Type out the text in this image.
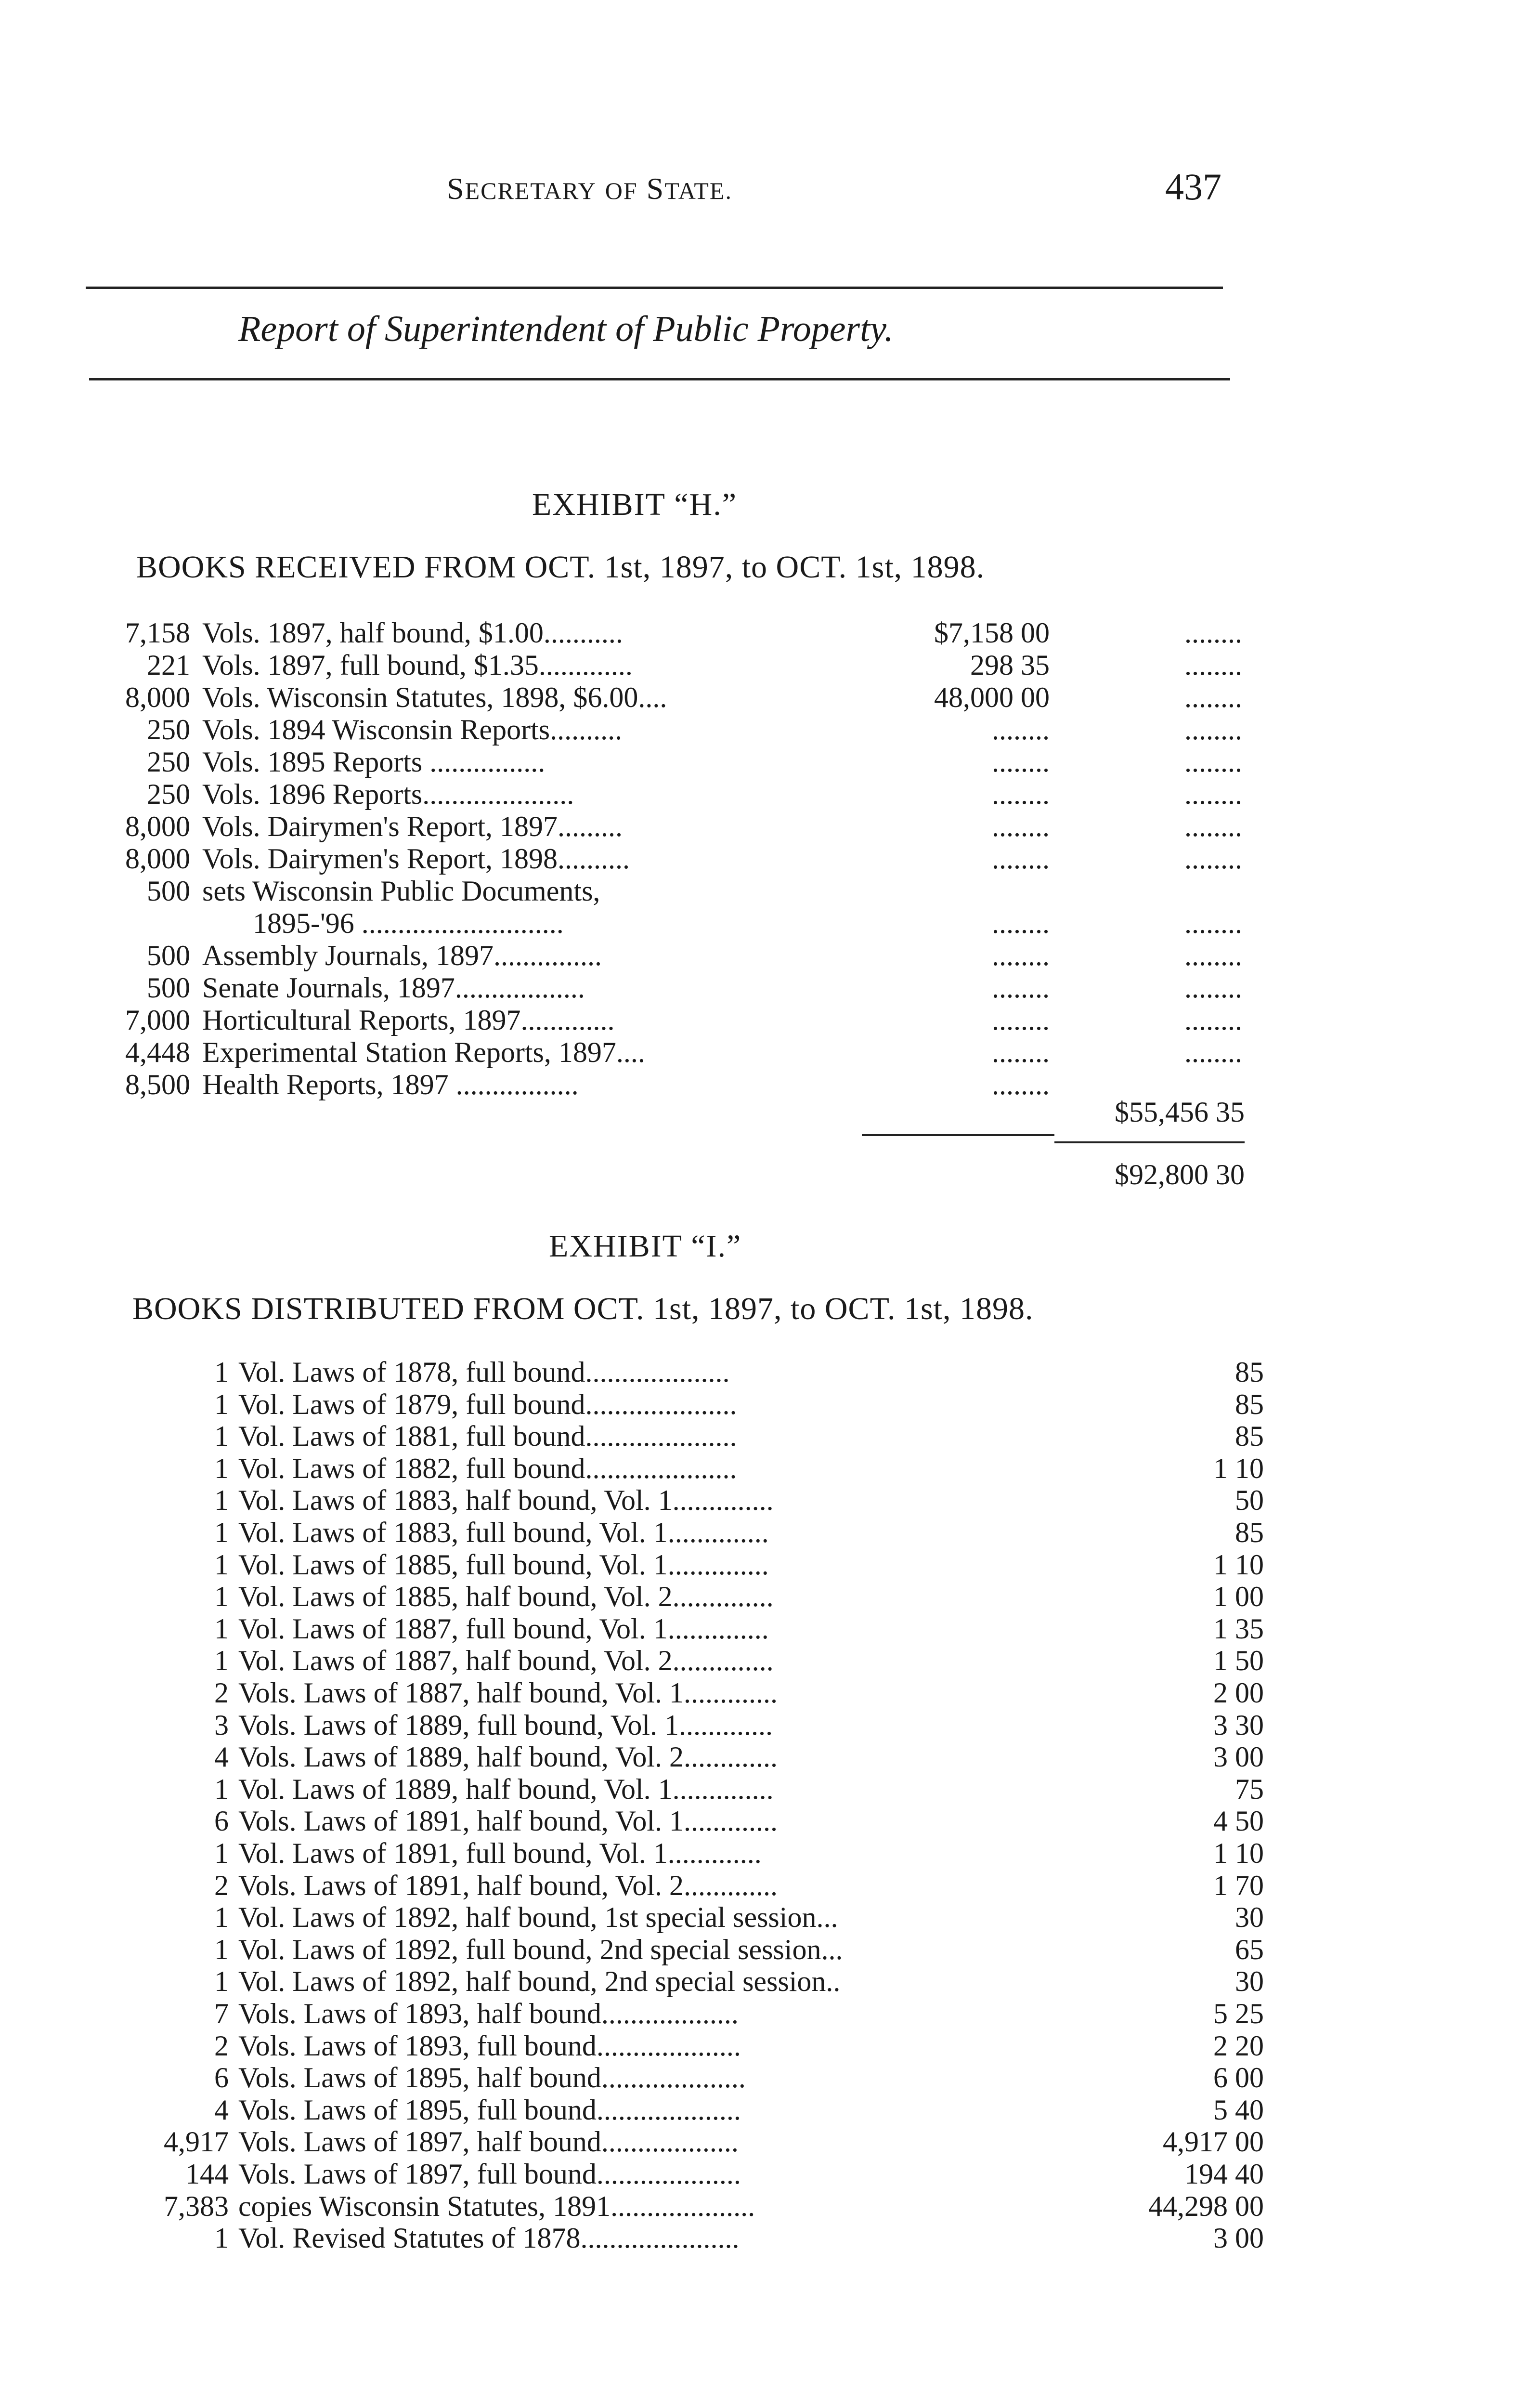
SECRETARY OF STATE.	437
Report of Superintendent of Public Property.
EXHIBIT “H.”
BOOKS RECEIVED FROM OCT. 1st, 1897, to OCT. 1st, 1898.
7,158 Vols. 1897, half bound, $1.00...........	$7,158 00	........
221 Vols. 1897, full bound, $1.35.............	298 35	........
8,000 Vols. Wisconsin Statutes, 1898, $6.00....	48,000 00	........
250 Vols. 1894 Wisconsin Reports..........	........	........
250 Vols. 1895 Reports ................	........	........
250 Vols. 1896 Reports.....................	........	........
8,000 Vols. Dairymen's Report, 1897.........	........	........
8,000 Vols. Dairymen's Report, 1898..........	........	........
500 sets Wisconsin Public Documents,
1895-'96 ............................	........	........
500 Assembly Journals, 1897...............	........	........
500 Senate Journals, 1897..................	........	........
7,000 Horticultural Reports, 1897.............	........	........
4,448 Experimental Station Reports, 1897....	........	........
8,500 Health Reports, 1897 .................	........
$55,456 35
$92,800 30
EXHIBIT “I.”
BOOKS DISTRIBUTED FROM OCT. 1st, 1897, to OCT. 1st, 1898.
1 Vol. Laws of 1878, full bound....................	85
1 Vol. Laws of 1879, full bound.....................	85
1 Vol. Laws of 1881, full bound.....................	85
1 Vol. Laws of 1882, full bound.....................	1 10
1 Vol. Laws of 1883, half bound, Vol. 1..............	50
1 Vol. Laws of 1883, full bound, Vol. 1..............	85
1 Vol. Laws of 1885, full bound, Vol. 1..............	1 10
1 Vol. Laws of 1885, half bound, Vol. 2..............	1 00
1 Vol. Laws of 1887, full bound, Vol. 1..............	1 35
1 Vol. Laws of 1887, half bound, Vol. 2..............	1 50
2 Vols. Laws of 1887, half bound, Vol. 1.............	2 00
3 Vols. Laws of 1889, full bound, Vol. 1.............	3 30
4 Vols. Laws of 1889, half bound, Vol. 2.............	3 00
1 Vol. Laws of 1889, half bound, Vol. 1..............	75
6 Vols. Laws of 1891, half bound, Vol. 1.............	4 50
1 Vol. Laws of 1891, full bound, Vol. 1.............	1 10
2 Vols. Laws of 1891, half bound, Vol. 2.............	1 70
1 Vol. Laws of 1892, half bound, 1st special session...	30
1 Vol. Laws of 1892, full bound, 2nd special session...	65
1 Vol. Laws of 1892, half bound, 2nd special session..	30
7 Vols. Laws of 1893, half bound...................	5 25
2 Vols. Laws of 1893, full bound....................	2 20
6 Vols. Laws of 1895, half bound....................	6 00
4 Vols. Laws of 1895, full bound....................	5 40
4,917 Vols. Laws of 1897, half bound...................	4,917 00
144 Vols. Laws of 1897, full bound....................	194 40
7,383 copies Wisconsin Statutes, 1891....................	44,298 00
1 Vol. Revised Statutes of 1878......................	3 00
